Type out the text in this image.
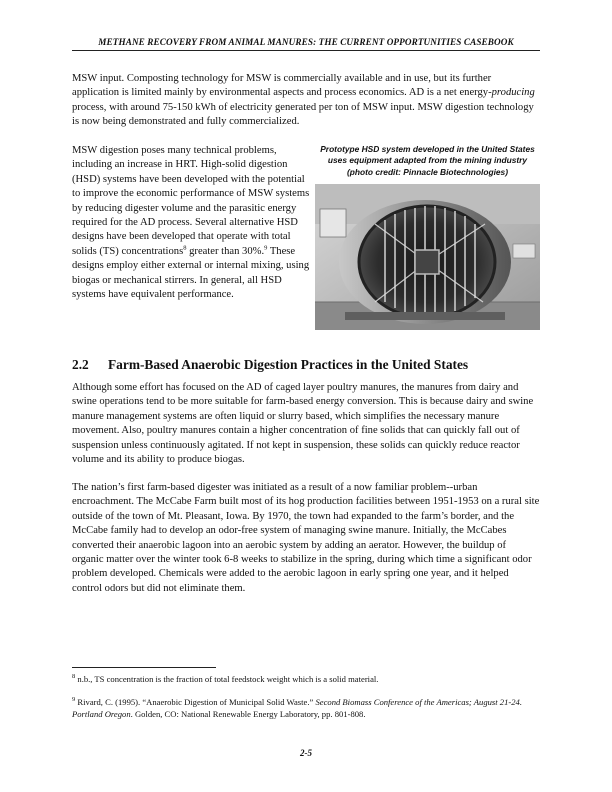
METHANE RECOVERY FROM ANIMAL MANURES: THE CURRENT OPPORTUNITIES CASEBOOK

MSW input. Composting technology for MSW is commercially available and in use, but its further application is limited mainly by environmental aspects and process economics. AD is a net energy-producing process, with around 75-150 kWh of electricity generated per ton of MSW input. MSW digestion technology is now being demonstrated and fully commercialized.

MSW digestion poses many technical problems, including an increase in HRT. High-solid digestion (HSD) systems have been developed with the potential to improve the economic performance of MSW systems by reducing digester volume and the parasitic energy required for the AD process. Several alternative HSD designs have been developed that operate with total solids (TS) concentrations$^8$ greater than 30%.$^9$ These designs employ either external or internal mixing, using biogas or mechanical stirrers. In general, all HSD systems have equivalent performance.

Prototype HSD system developed in the United States uses equipment adapted from the mining industry (photo credit: Pinnacle Biotechnologies)
2.2 Farm-Based Anaerobic Digestion Practices in the United States

Although some effort has focused on the AD of caged layer poultry manures, the manures from dairy and swine operations tend to be more suitable for farm-based energy conversion. This is because dairy and swine manure management systems are often liquid or slurry based, which simplifies the necessary manure movement. Also, poultry manures contain a higher concentration of fine solids that can quickly fall out of suspension unless continuously agitated. If not kept in suspension, these solids can quickly reduce reactor volume and its ability to produce biogas.

The nation’s first farm-based digester was initiated as a result of a now familiar problem--urban encroachment. The McCabe Farm built most of its hog production facilities between 1951-1953 on a rural site outside of the town of Mt. Pleasant, Iowa. By 1970, the town had expanded to the farm’s border, and the McCabe family had to develop an odor-free system of managing swine manure. Initially, the McCabes converted their anaerobic lagoon into an aerobic system by adding an aerator. However, the buildup of organic matter over the winter took 6-8 weeks to stabilize in the spring, during which time a significant odor problem developed. Chemicals were added to the aerobic lagoon in early spring one year, and it helped control odors but did not eliminate them.

$^8$ n.b., TS concentration is the fraction of total feedstock weight which is a solid material.

$^9$ Rivard, C. (1995). “Anaerobic Digestion of Municipal Solid Waste.” Second Biomass Conference of the Americas; August 21-24. Portland Oregon. Golden, CO: National Renewable Energy Laboratory, pp. 801-808.

2-5
